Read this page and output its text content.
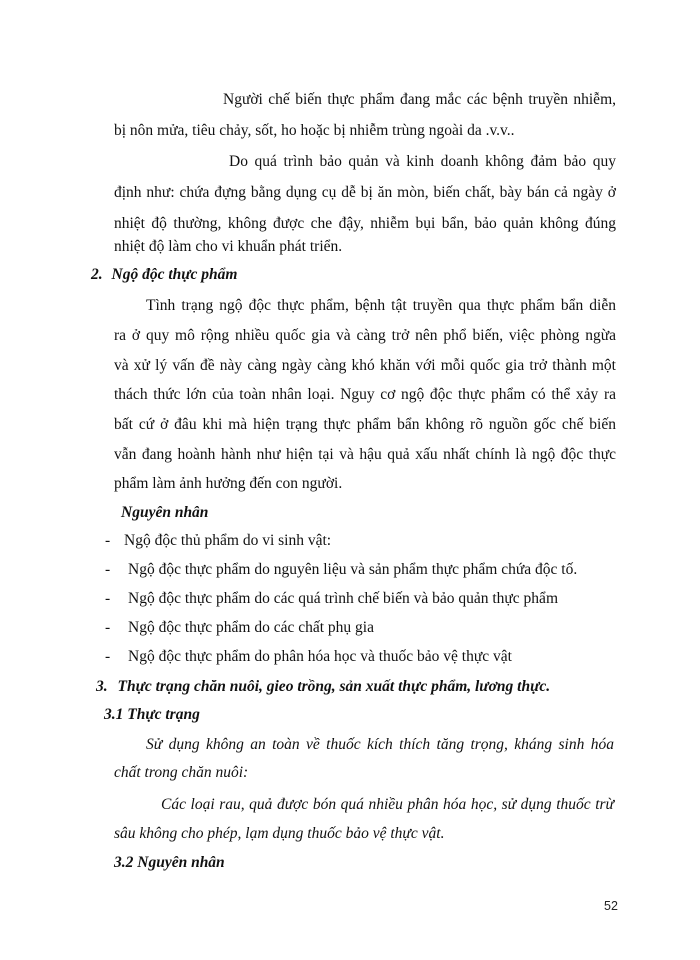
Người chế biến thực phẩm đang mắc các bệnh truyền nhiễm,
bị nôn mửa, tiêu chảy, sốt, ho hoặc bị nhiễm trùng ngoài da .v.v..
Do quá trình bảo quản và kinh doanh không đảm bảo quy
định như: chứa đựng bằng dụng cụ dễ bị ăn mòn, biến chất, bày bán cả ngày ở
nhiệt độ thường, không được che đậy, nhiễm bụi bẩn, bảo quản không đúng
nhiệt độ làm cho vi khuẩn phát triển.
2. Ngộ độc thực phẩm
Tình trạng ngộ độc thực phẩm, bệnh tật truyền qua thực phẩm bẩn diễn
ra ở quy mô rộng nhiều quốc gia và càng trở nên phổ biến, việc phòng ngừa
và xử lý vấn đề này càng ngày càng khó khăn với mỗi quốc gia trở thành một
thách thức lớn của toàn nhân loại. Nguy cơ ngộ độc thực phẩm có thể xảy ra
bất cứ ở đâu khi mà hiện trạng thực phẩm bẩn không rõ nguồn gốc chế biến
vẫn đang hoành hành như hiện tại và hậu quả xấu nhất chính là ngộ độc thực
phẩm làm ảnh hưởng đến con người.
Nguyên nhân
- Ngộ độc thủ phẩm do vi sinh vật:
- Ngộ độc thực phẩm do nguyên liệu và sản phẩm thực phẩm chứa độc tố.
- Ngộ độc thực phẩm do các quá trình chế biến và bảo quản thực phẩm
- Ngộ độc thực phẩm do các chất phụ gia
- Ngộ độc thực phẩm do phân hóa học và thuốc bảo vệ thực vật
3. Thực trạng chăn nuôi, gieo trồng, sản xuất thực phẩm, lương thực.
3.1 Thực trạng
Sử dụng không an toàn về thuốc kích thích tăng trọng, kháng sinh hóa
chất trong chăn nuôi:
Các loại rau, quả được bón quá nhiều phân hóa học, sử dụng thuốc trừ
sâu không cho phép, lạm dụng thuốc bảo vệ thực vật.
3.2 Nguyên nhân
52
